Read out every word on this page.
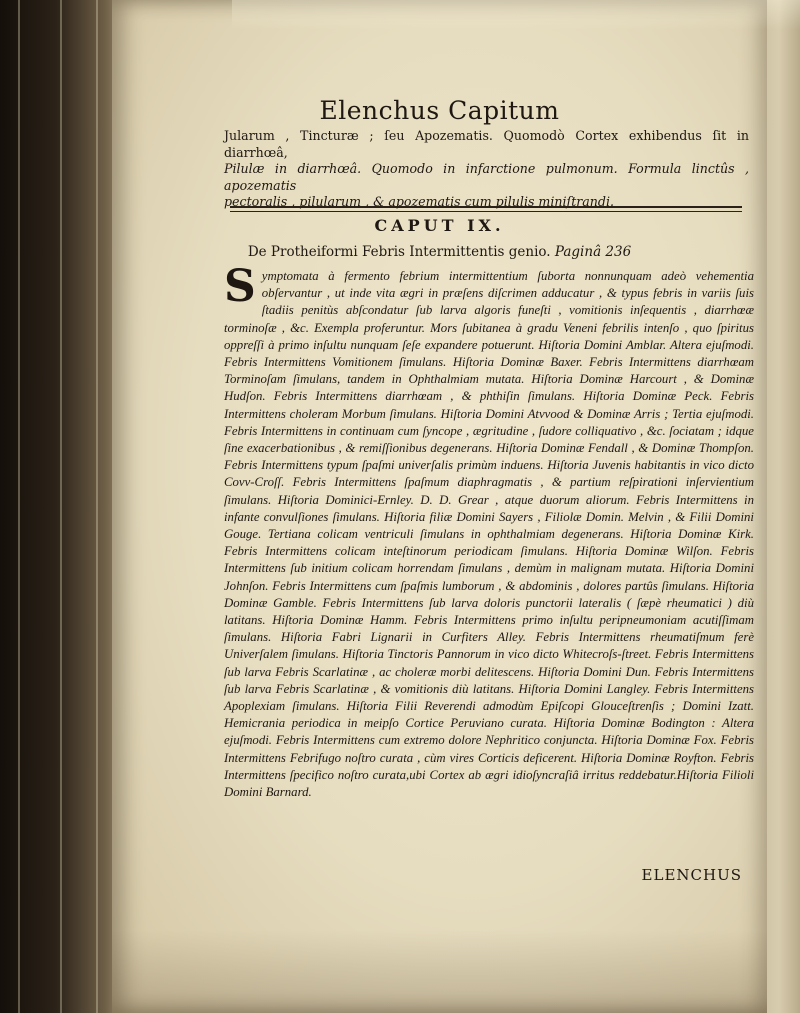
Elenchus Capitum
Jularum , Tincturæ ; ſeu Apozematis. Quomodò Cortex exhibendus ſit in diarrhœâ,
Pilulæ in diarrhœâ. Quomodo in infarctione pulmonum. Formula linctûs , apozematis
pectoralis , pilularum , & apozematis cum pilulis miniſtrandi.
CAPUT IX.
De Protheiformi Febris Intermittentis genio. Paginâ 236
S ymptomata à fermento febrium intermittentium ſuborta nonnunquam adeò vehementia obſervantur , ut inde vita ægri in præſens diſcrimen adducatur , & typus febris in variis ſuis ſtadiis penitùs abſcondatur ſub larva algoris funeſti , vomitionis inſequentis , diarrhœæ torminoſæ , &c. Exempla proferuntur. Mors ſubitanea à gradu Veneni febrilis intenſo , quo ſpiritus oppreſſi à primo inſultu nunquam ſeſe expandere potuerunt. Hiſtoria Domini Amblar. Altera ejuſmodi. Febris Intermittens Vomitionem ſimulans. Hiſtoria Dominæ Baxer. Febris Intermittens diarrhœam Torminoſam ſimulans, tandem in Ophthalmiam mutata. Hiſtoria Dominæ Harcourt , & Dominæ Hudſon. Febris Intermittens diarrhœam , & phthiſin ſimulans. Hiſtoria Dominæ Peck. Febris Intermittens choleram Morbum ſimulans. Hiſtoria Domini Atvvood & Dominæ Arris ; Tertia ejuſmodi. Febris Intermittens in continuam cum ſyncope , ægritudine , ſudore colliquativo , &c. ſociatam ; idque ſine exacerbationibus , & remiſſionibus degenerans. Hiſtoria Dominæ Fendall , & Dominæ Thompſon. Febris Intermittens typum ſpaſmi univerſalis primùm induens. Hiſtoria Juvenis habitantis in vico dicto Covv-Croſſ. Febris Intermittens ſpaſmum diaphragmatis , & partium reſpirationi inſervientium ſimulans. Hiſtoria Dominici-Ernley. D. D. Grear , atque duorum aliorum. Febris Intermittens in infante convulſiones ſimulans. Hiſtoria filiæ Domini Sayers , Filiolæ Domin. Melvin , & Filii Domini Gouge. Tertiana colicam ventriculi ſimulans in ophthalmiam degenerans. Hiſtoria Dominæ Kirk. Febris Intermittens colicam inteſtinorum periodicam ſimulans. Hiſtoria Dominæ Wilſon. Febris Intermittens ſub initium colicam horrendam ſimulans , demùm in malignam mutata. Hiſtoria Domini Johnſon. Febris Intermittens cum ſpaſmis lumborum , & abdominis , dolores partûs ſimulans. Hiſtoria Dominæ Gamble. Febris Intermittens ſub larva doloris punctorii lateralis ( ſæpè rheumatici ) diù latitans. Hiſtoria Dominæ Hamm. Febris Intermittens primo inſultu peripneumoniam acutiſſimam ſimulans. Hiſtoria Fabri Lignarii in Curfiters Alley. Febris Intermittens rheumatiſmum ferè Univerſalem ſimulans. Hiſtoria Tinctoris Pannorum in vico dicto Whitecroſs-ſtreet. Febris Intermittens ſub larva Febris Scarlatinæ , ac choleræ morbi delitescens. Hiſtoria Domini Dun. Febris Intermittens ſub larva Febris Scarlatinæ , & vomitionis diù latitans. Hiſtoria Domini Langley. Febris Intermittens Apoplexiam ſimulans. Hiſtoria Filii Reverendi admodùm Epiſcopi Glouceſtrenſis ; Domini Izatt. Hemicrania periodica in meipſo Cortice Peruviano curata. Hiſtoria Dominæ Bodington : Altera ejuſmodi. Febris Intermittens cum extremo dolore Nephritico conjuncta. Hiſtoria Dominæ Fox. Febris Intermittens Febrifugo noſtro curata , cùm vires Corticis deficerent. Hiſtoria Dominæ Royfton. Febris Intermittens ſpecifico noſtro curata,ubi Cortex ab ægri idioſyncraſiâ irritus reddebatur.Hiſtoria Filioli Domini Barnard.
ELENCHUS
